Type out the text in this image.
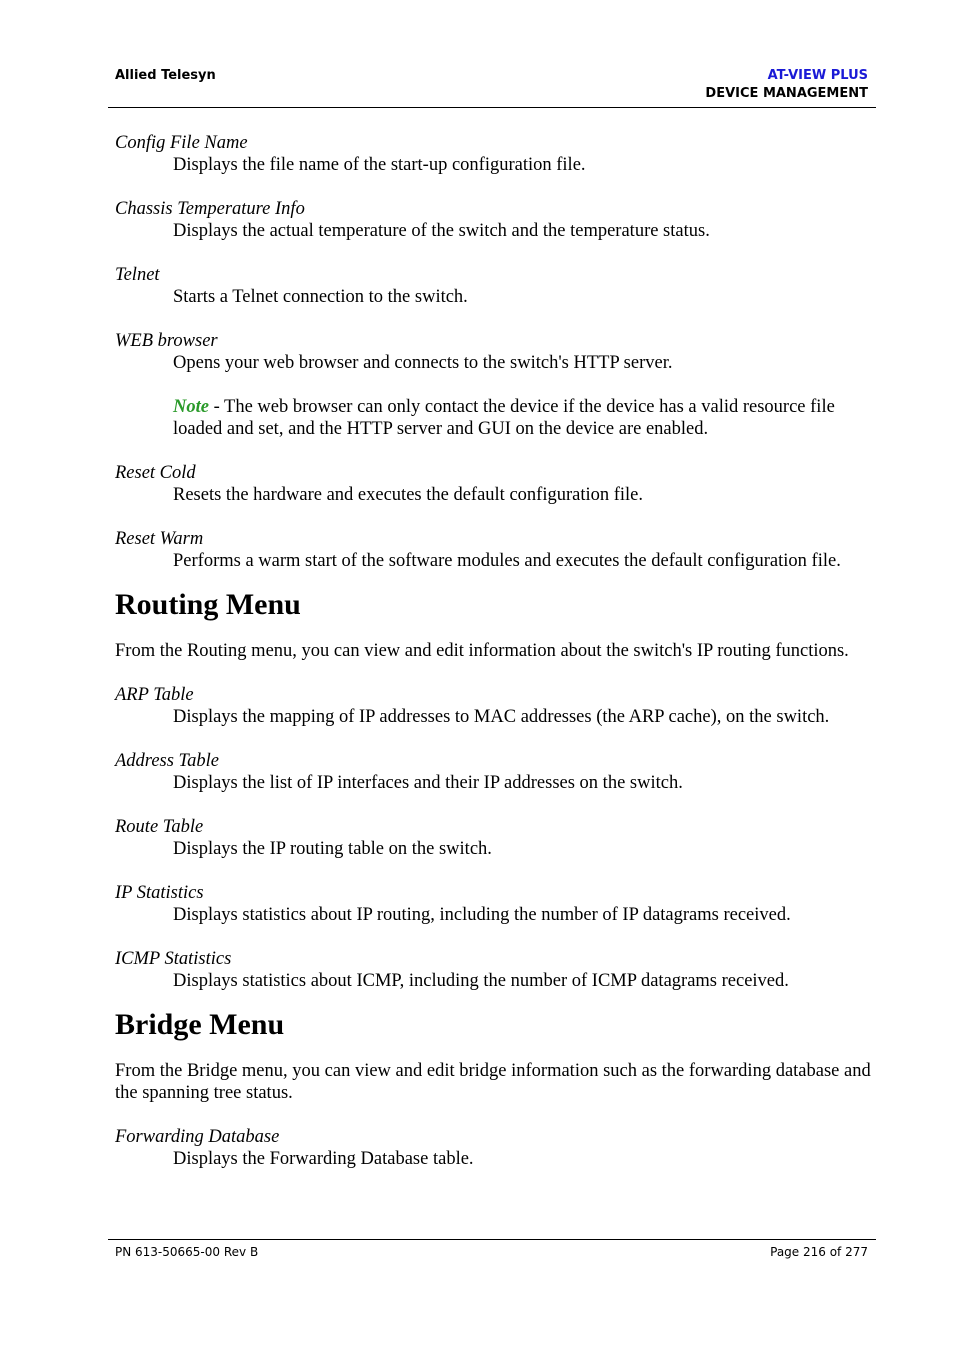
Allied Telesyn	AT-VIEW PLUS
DEVICE MANAGEMENT

Config File Name

Displays the file name of the start-up configuration file.

Chassis Temperature Info

Displays the actual temperature of the switch and the temperature status.

Telnet

Starts a Telnet connection to the switch.

WEB browser

Opens your web browser and connects to the switch's HTTP server.

Note - The web browser can only contact the device if the device has a valid resource file loaded and set, and the HTTP server and GUI on the device are enabled.

Reset Cold

Resets the hardware and executes the default configuration file.

Reset Warm

Performs a warm start of the software modules and executes the default configuration file.

Routing Menu

From the Routing menu, you can view and edit information about the switch's IP routing functions.

ARP Table

Displays the mapping of IP addresses to MAC addresses (the ARP cache), on the switch.

Address Table

Displays the list of IP interfaces and their IP addresses on the switch.

Route Table

Displays the IP routing table on the switch.

IP Statistics

Displays statistics about IP routing, including the number of IP datagrams received.

ICMP Statistics

Displays statistics about ICMP, including the number of ICMP datagrams received.

Bridge Menu

From the Bridge menu, you can view and edit bridge information such as the forwarding database and the spanning tree status.

Forwarding Database

Displays the Forwarding Database table.

PN 613-50665-00 Rev B	Page 216 of 277
